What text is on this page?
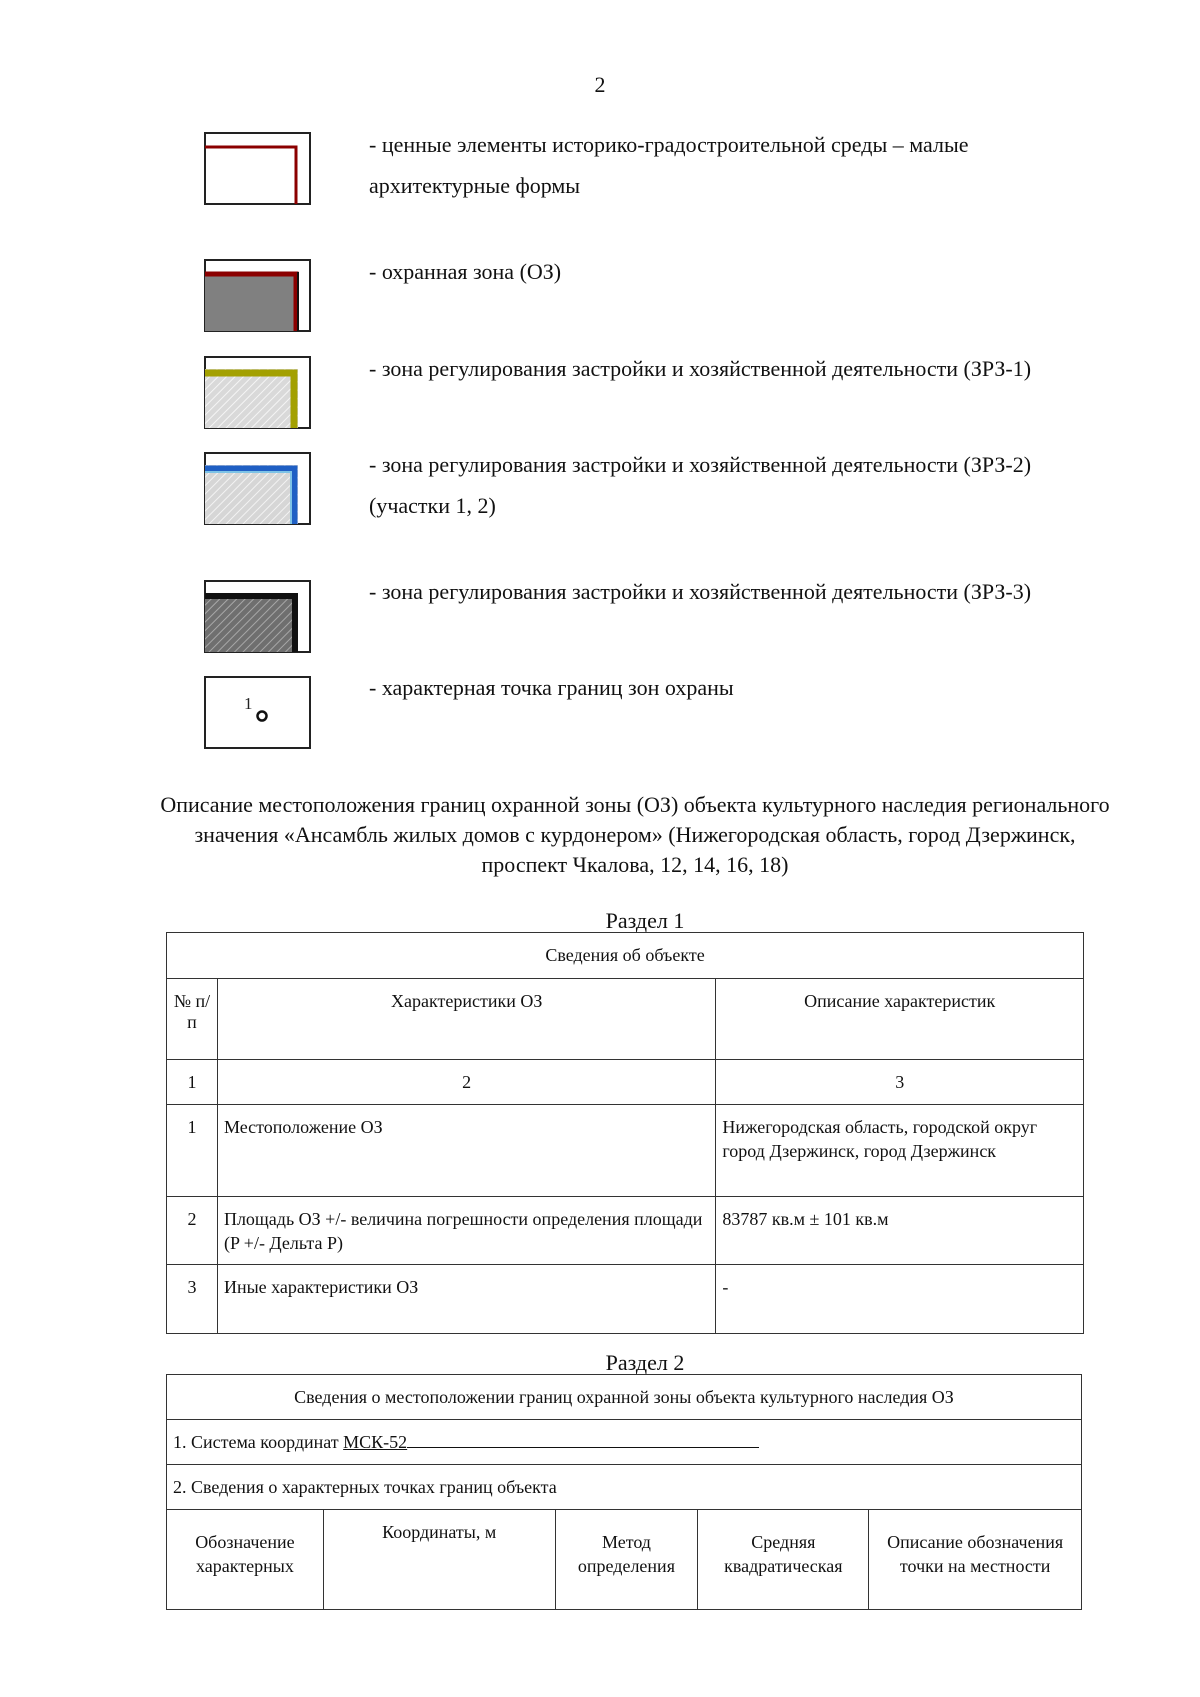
2
1
- ценные элементы историко-градостроительной среды – малые архитектурные формы
- охранная зона (ОЗ)
- зона регулирования застройки и хозяйственной деятельности (ЗРЗ-1)
- зона регулирования застройки и хозяйственной деятельности (ЗРЗ-2) (участки 1, 2)
- зона регулирования застройки и хозяйственной деятельности (ЗРЗ-3)
- характерная точка границ зон охраны
Описание местоположения границ охранной зоны (ОЗ) объекта культурного наследия регионального значения «Ансамбль жилых домов с курдонером» (Нижегородская область, город Дзержинск, проспект Чкалова, 12, 14, 16, 18)
Раздел 1
Сведения об объекте		
№ п/п	Характеристики ОЗ	Описание характеристик
1	2	3
1	Местоположение ОЗ	Нижегородская область, городской округ город Дзержинск, город Дзержинск
2	Площадь ОЗ +/- величина погрешности определения площади (P +/- Дельта P)	83787 кв.м ± 101 кв.м
3	Иные характеристики ОЗ	-
Раздел 2
Сведения о местоположении границ охранной зоны объекта культурного наследия ОЗ
1. Система координат МСК-52
2. Сведения о характерных точках границ объекта
Обозначение характерных	Координаты, м	Метод определения	Средняя квадратическая	Описание обозначения точки на местности
